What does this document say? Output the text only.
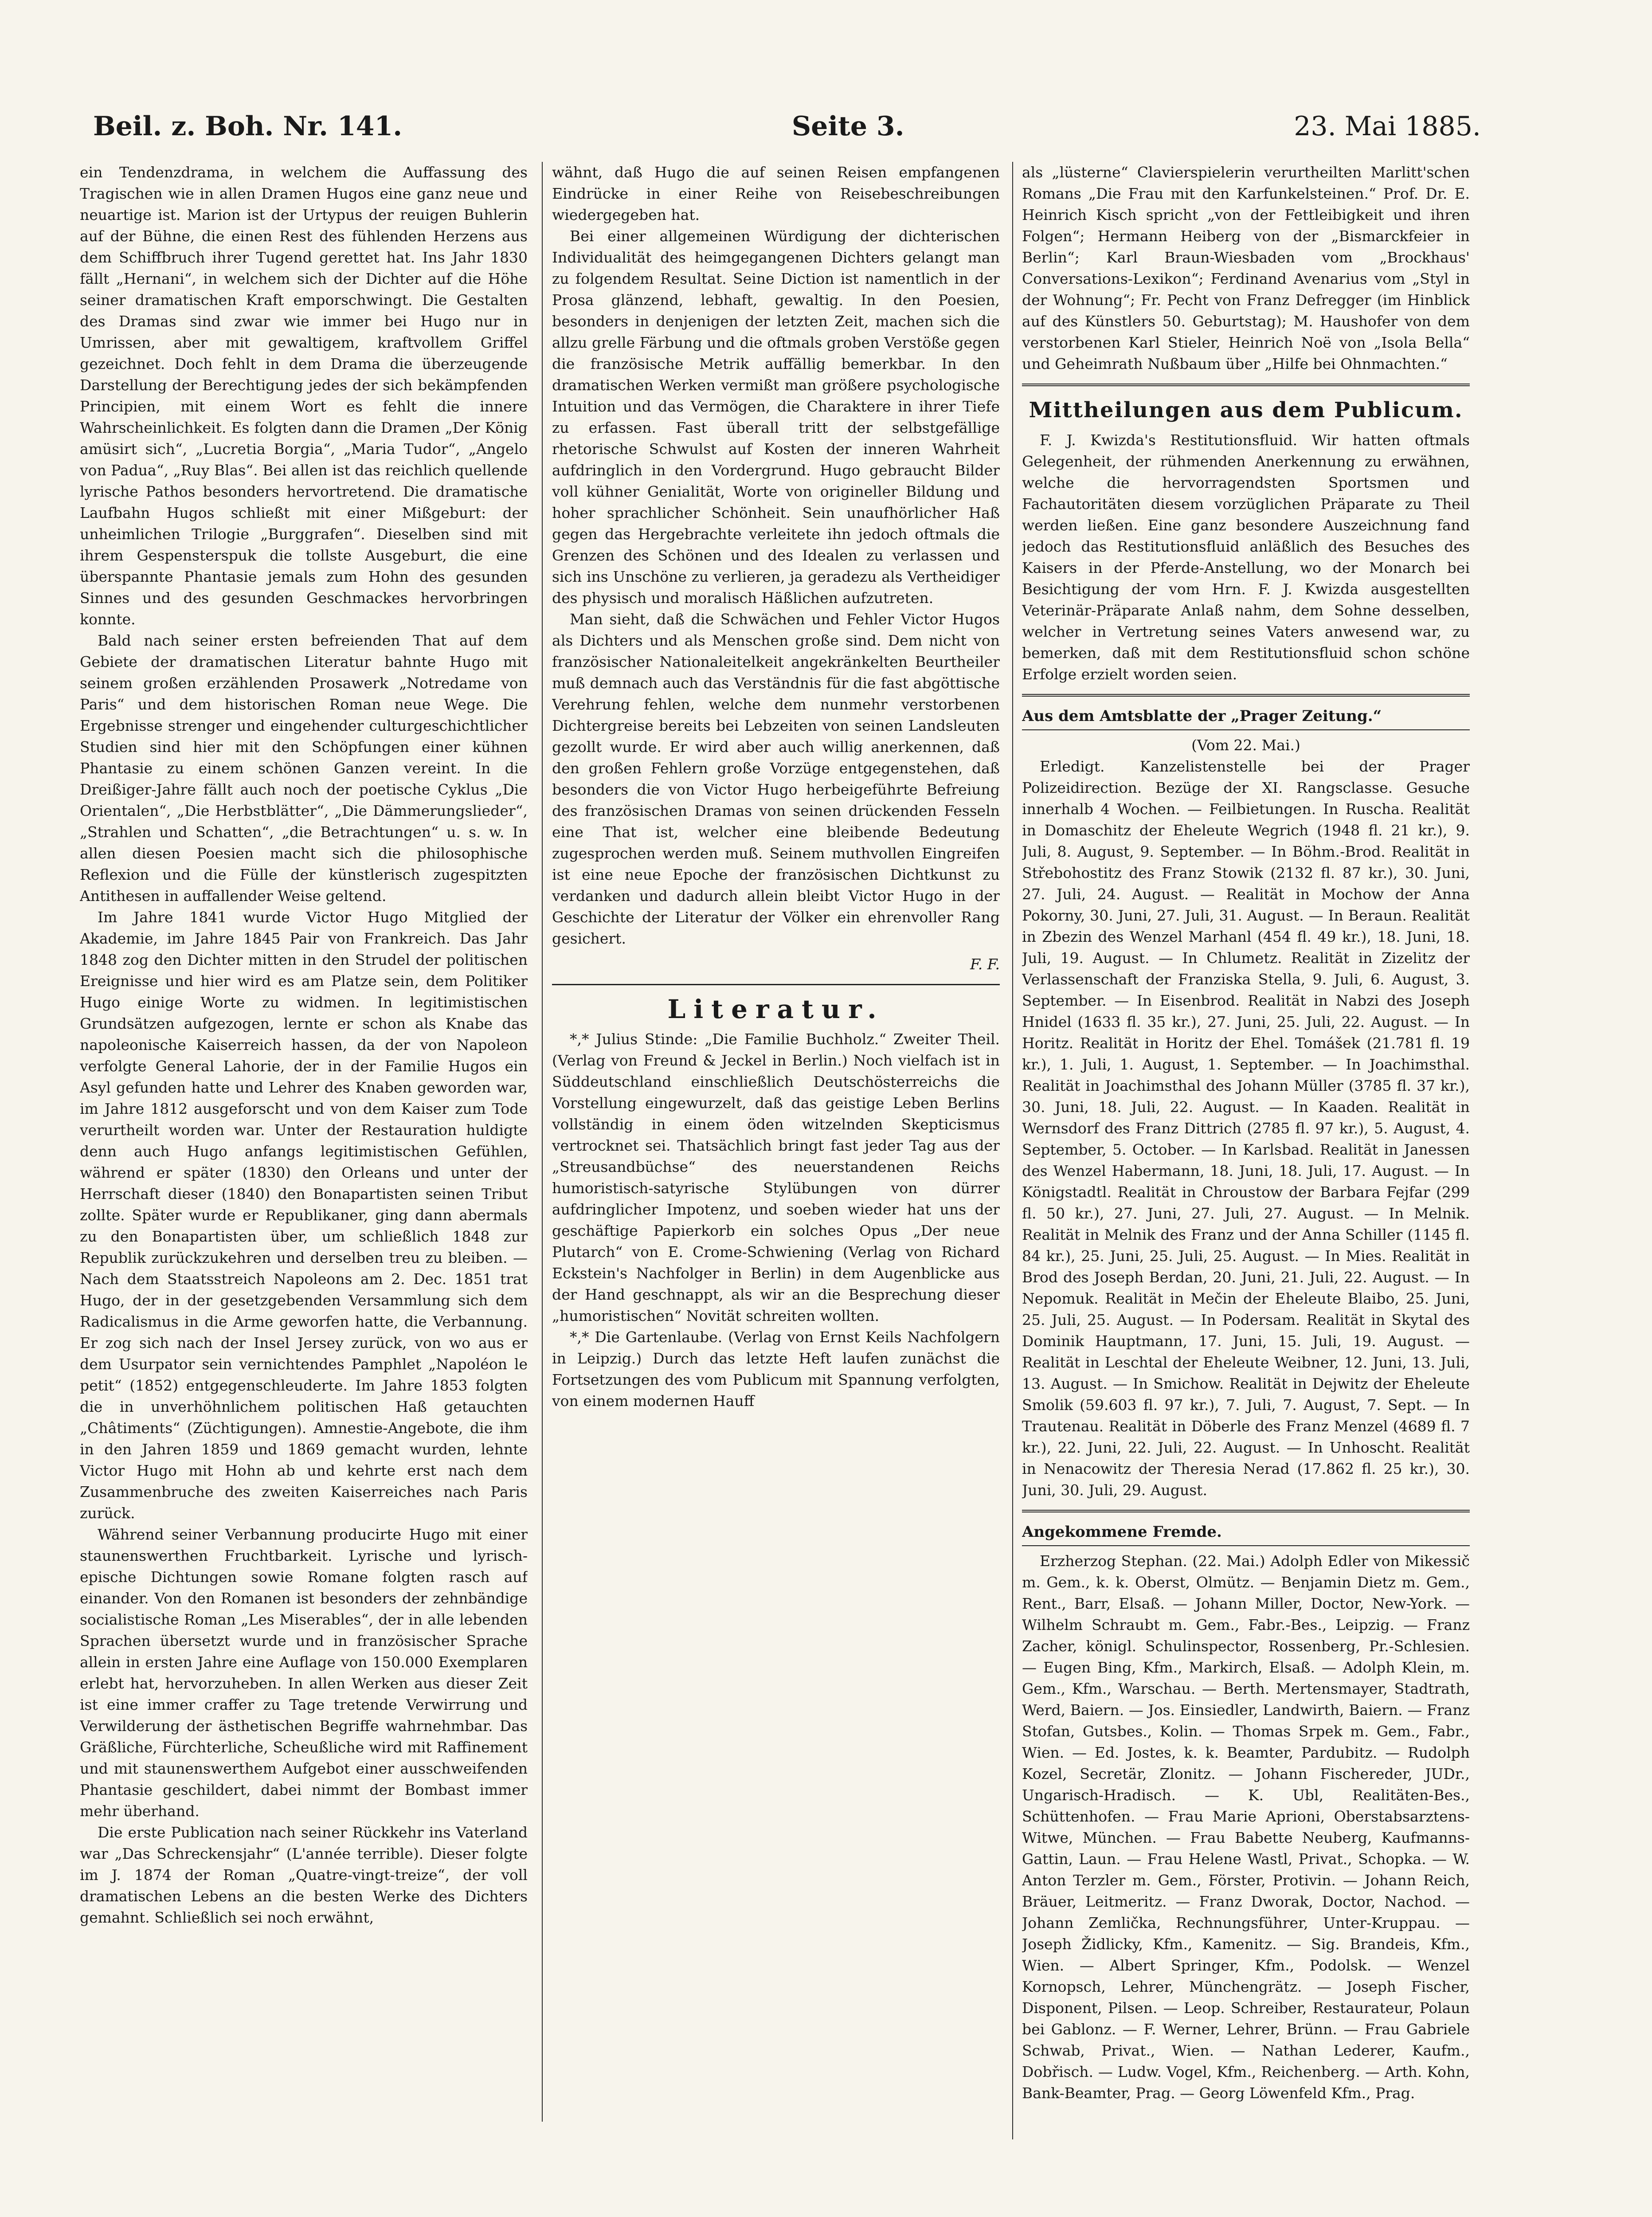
Beil. z. Boh. Nr. 141.	Seite 3.	23. Mai 1885.

ein Tendenzdrama, in welchem die Auffassung des Tragischen wie in allen Dramen Hugos eine ganz neue und neuartige ist. Marion ist der Urtypus der reuigen Buhlerin auf der Bühne, die einen Rest des fühlenden Herzens aus dem Schiffbruch ihrer Tugend gerettet hat. Ins Jahr 1830 fällt „Hernani“, in welchem sich der Dichter auf die Höhe seiner dramatischen Kraft emporschwingt. Die Gestalten des Dramas sind zwar wie immer bei Hugo nur in Umrissen, aber mit gewaltigem, kraftvollem Griffel gezeichnet. Doch fehlt in dem Drama die überzeugende Darstellung der Berechtigung jedes der sich bekämpfenden Principien, mit einem Wort es fehlt die innere Wahrscheinlichkeit. Es folgten dann die Dramen „Der König amüsirt sich“, „Lucretia Borgia“, „Maria Tudor“, „Angelo von Padua“, „Ruy Blas“. Bei allen ist das reichlich quellende lyrische Pathos besonders hervortretend. Die dramatische Laufbahn Hugos schließt mit einer Mißgeburt: der unheimlichen Trilogie „Burggrafen“. Dieselben sind mit ihrem Gespensterspuk die tollste Ausgeburt, die eine überspannte Phantasie jemals zum Hohn des gesunden Sinnes und des gesunden Geschmackes hervorbringen konnte.

Bald nach seiner ersten befreienden That auf dem Gebiete der dramatischen Literatur bahnte Hugo mit seinem großen erzählenden Prosawerk „Notredame von Paris“ und dem historischen Roman neue Wege. Die Ergebnisse strenger und eingehender culturgeschichtlicher Studien sind hier mit den Schöpfungen einer kühnen Phantasie zu einem schönen Ganzen vereint. In die Dreißiger-Jahre fällt auch noch der poetische Cyklus „Die Orientalen“, „Die Herbstblätter“, „Die Dämmerungslieder“, „Strahlen und Schatten“, „die Betrachtungen“ u. s. w. In allen diesen Poesien macht sich die philosophische Reflexion und die Fülle der künstlerisch zugespitzten Antithesen in auffallender Weise geltend.

Im Jahre 1841 wurde Victor Hugo Mitglied der Akademie, im Jahre 1845 Pair von Frankreich. Das Jahr 1848 zog den Dichter mitten in den Strudel der politischen Ereignisse und hier wird es am Platze sein, dem Politiker Hugo einige Worte zu widmen. In legitimistischen Grundsätzen aufgezogen, lernte er schon als Knabe das napoleonische Kaiserreich hassen, da der von Napoleon verfolgte General Lahorie, der in der Familie Hugos ein Asyl gefunden hatte und Lehrer des Knaben geworden war, im Jahre 1812 ausgeforscht und von dem Kaiser zum Tode verurtheilt worden war. Unter der Restauration huldigte denn auch Hugo anfangs legitimistischen Gefühlen, während er später (1830) den Orleans und unter der Herrschaft dieser (1840) den Bonapartisten seinen Tribut zollte. Später wurde er Republikaner, ging dann abermals zu den Bonapartisten über, um schließlich 1848 zur Republik zurückzukehren und derselben treu zu bleiben. — Nach dem Staatsstreich Napoleons am 2. Dec. 1851 trat Hugo, der in der gesetzgebenden Versammlung sich dem Radicalismus in die Arme geworfen hatte, die Verbannung. Er zog sich nach der Insel Jersey zurück, von wo aus er dem Usurpator sein vernichtendes Pamphlet „Napoléon le petit“ (1852) entgegenschleuderte. Im Jahre 1853 folgten die in unverhöhnlichem politischen Haß getauchten „Châtiments“ (Züchtigungen). Amnestie-Angebote, die ihm in den Jahren 1859 und 1869 gemacht wurden, lehnte Victor Hugo mit Hohn ab und kehrte erst nach dem Zusammenbruche des zweiten Kaiserreiches nach Paris zurück.

Während seiner Verbannung producirte Hugo mit einer staunenswerthen Fruchtbarkeit. Lyrische und lyrisch-epische Dichtungen sowie Romane folgten rasch auf einander. Von den Romanen ist besonders der zehnbändige socialistische Roman „Les Miserables“, der in alle lebenden Sprachen übersetzt wurde und in französischer Sprache allein in ersten Jahre eine Auflage von 150.000 Exemplaren erlebt hat, hervorzuheben. In allen Werken aus dieser Zeit ist eine immer craffer zu Tage tretende Verwirrung und Verwilderung der ästhetischen Begriffe wahrnehmbar. Das Gräßliche, Fürchterliche, Scheußliche wird mit Raffinement und mit staunenswerthem Aufgebot einer ausschweifenden Phantasie geschildert, dabei nimmt der Bombast immer mehr überhand.

Die erste Publication nach seiner Rückkehr ins Vaterland war „Das Schreckensjahr“ (L'année terrible). Dieser folgte im J. 1874 der Roman „Quatre-vingt-treize“, der voll dramatischen Lebens an die besten Werke des Dichters gemahnt. Schließlich sei noch erwähnt,

wähnt, daß Hugo die auf seinen Reisen empfangenen Eindrücke in einer Reihe von Reisebeschreibungen wiedergegeben hat.

Bei einer allgemeinen Würdigung der dichterischen Individualität des heimgegangenen Dichters gelangt man zu folgendem Resultat. Seine Diction ist namentlich in der Prosa glänzend, lebhaft, gewaltig. In den Poesien, besonders in denjenigen der letzten Zeit, machen sich die allzu grelle Färbung und die oftmals groben Verstöße gegen die französische Metrik auffällig bemerkbar. In den dramatischen Werken vermißt man größere psychologische Intuition und das Vermögen, die Charaktere in ihrer Tiefe zu erfassen. Fast überall tritt der selbstgefällige rhetorische Schwulst auf Kosten der inneren Wahrheit aufdringlich in den Vordergrund. Hugo gebraucht Bilder voll kühner Genialität, Worte von origineller Bildung und hoher sprachlicher Schönheit. Sein unaufhörlicher Haß gegen das Hergebrachte verleitete ihn jedoch oftmals die Grenzen des Schönen und des Idealen zu verlassen und sich ins Unschöne zu verlieren, ja geradezu als Vertheidiger des physisch und moralisch Häßlichen aufzutreten.

Man sieht, daß die Schwächen und Fehler Victor Hugos als Dichters und als Menschen große sind. Dem nicht von französischer Nationaleitelkeit angekränkelten Beurtheiler muß demnach auch das Verständnis für die fast abgöttische Verehrung fehlen, welche dem nunmehr verstorbenen Dichtergreise bereits bei Lebzeiten von seinen Landsleuten gezollt wurde. Er wird aber auch willig anerkennen, daß den großen Fehlern große Vorzüge entgegenstehen, daß besonders die von Victor Hugo herbeigeführte Befreiung des französischen Dramas von seinen drückenden Fesseln eine That ist, welcher eine bleibende Bedeutung zugesprochen werden muß. Seinem muthvollen Eingreifen ist eine neue Epoche der französischen Dichtkunst zu verdanken und dadurch allein bleibt Victor Hugo in der Geschichte der Literatur der Völker ein ehrenvoller Rang gesichert.

F. F.
Literatur.

*,* Julius Stinde: „Die Familie Buchholz.“ Zweiter Theil. (Verlag von Freund & Jeckel in Berlin.) Noch vielfach ist in Süddeutschland einschließlich Deutschösterreichs die Vorstellung eingewurzelt, daß das geistige Leben Berlins vollständig in einem öden witzelnden Skepticismus vertrocknet sei. Thatsächlich bringt fast jeder Tag aus der „Streusandbüchse“ des neuerstandenen Reichs humoristisch-satyrische Stylübungen von dürrer aufdringlicher Impotenz, und soeben wieder hat uns der geschäftige Papierkorb ein solches Opus „Der neue Plutarch“ von E. Crome-Schwiening (Verlag von Richard Eckstein's Nachfolger in Berlin) in dem Augenblicke aus der Hand geschnappt, als wir an die Besprechung dieser „humoristischen“ Novität schreiten wollten.

*,* Die Gartenlaube. (Verlag von Ernst Keils Nachfolgern in Leipzig.) Durch das letzte Heft laufen zunächst die Fortsetzungen des vom Publicum mit Spannung verfolgten, von einem modernen Hauff

als „lüsterne“ Clavierspielerin verurtheilten Marlitt'schen Romans „Die Frau mit den Karfunkelsteinen.“ Prof. Dr. E. Heinrich Kisch spricht „von der Fettleibigkeit und ihren Folgen“; Hermann Heiberg von der „Bismarckfeier in Berlin“; Karl Braun-Wiesbaden vom „Brockhaus' Conversations-Lexikon“; Ferdinand Avenarius vom „Styl in der Wohnung“; Fr. Pecht von Franz Defregger (im Hinblick auf des Künstlers 50. Geburtstag); M. Haushofer von dem verstorbenen Karl Stieler, Heinrich Noë von „Isola Bella“ und Geheimrath Nußbaum über „Hilfe bei Ohnmachten.“

Mittheilungen aus dem Publicum.

F. J. Kwizda's Restitutionsfluid. Wir hatten oftmals Gelegenheit, der rühmenden Anerkennung zu erwähnen, welche die hervorragendsten Sportsmen und Fachautoritäten diesem vorzüglichen Präparate zu Theil werden ließen. Eine ganz besondere Auszeichnung fand jedoch das Restitutionsfluid anläßlich des Besuches des Kaisers in der Pferde-Anstellung, wo der Monarch bei Besichtigung der vom Hrn. F. J. Kwizda ausgestellten Veterinär-Präparate Anlaß nahm, dem Sohne desselben, welcher in Vertretung seines Vaters anwesend war, zu bemerken, daß mit dem Restitutionsfluid schon schöne Erfolge erzielt worden seien.

Aus dem Amtsblatte der „Prager Zeitung.“
(Vom 22. Mai.)

Erledigt. Kanzelistenstelle bei der Prager Polizeidirection. Bezüge der XI. Rangsclasse. Gesuche innerhalb 4 Wochen. — Feilbietungen. In Ruscha. Realität in Domaschitz der Eheleute Wegrich (1948 fl. 21 kr.), 9. Juli, 8. August, 9. September. — In Böhm.-Brod. Realität in Střebohostitz des Franz Stowik (2132 fl. 87 kr.), 30. Juni, 27. Juli, 24. August. — Realität in Mochow der Anna Pokorny, 30. Juni, 27. Juli, 31. August. — In Beraun. Realität in Zbezin des Wenzel Marhanl (454 fl. 49 kr.), 18. Juni, 18. Juli, 19. August. — In Chlumetz. Realität in Zizelitz der Verlassenschaft der Franziska Stella, 9. Juli, 6. August, 3. September. — In Eisenbrod. Realität in Nabzi des Joseph Hnidel (1633 fl. 35 kr.), 27. Juni, 25. Juli, 22. August. — In Horitz. Realität in Horitz der Ehel. Tomášek (21.781 fl. 19 kr.), 1. Juli, 1. August, 1. September. — In Joachimsthal. Realität in Joachimsthal des Johann Müller (3785 fl. 37 kr.), 30. Juni, 18. Juli, 22. August. — In Kaaden. Realität in Wernsdorf des Franz Dittrich (2785 fl. 97 kr.), 5. August, 4. September, 5. October. — In Karlsbad. Realität in Janessen des Wenzel Habermann, 18. Juni, 18. Juli, 17. August. — In Königstadtl. Realität in Chroustow der Barbara Fejfar (299 fl. 50 kr.), 27. Juni, 27. Juli, 27. August. — In Melnik. Realität in Melnik des Franz und der Anna Schiller (1145 fl. 84 kr.), 25. Juni, 25. Juli, 25. August. — In Mies. Realität in Brod des Joseph Berdan, 20. Juni, 21. Juli, 22. August. — In Nepomuk. Realität in Mečin der Eheleute Blaibo, 25. Juni, 25. Juli, 25. August. — In Podersam. Realität in Skytal des Dominik Hauptmann, 17. Juni, 15. Juli, 19. August. — Realität in Leschtal der Eheleute Weibner, 12. Juni, 13. Juli, 13. August. — In Smichow. Realität in Dejwitz der Eheleute Smolik (59.603 fl. 97 kr.), 7. Juli, 7. August, 7. Sept. — In Trautenau. Realität in Döberle des Franz Menzel (4689 fl. 7 kr.), 22. Juni, 22. Juli, 22. August. — In Unhoscht. Realität in Nenacowitz der Theresia Nerad (17.862 fl. 25 kr.), 30. Juni, 30. Juli, 29. August.

Angekommene Fremde.

Erzherzog Stephan. (22. Mai.) Adolph Edler von Mikessič m. Gem., k. k. Oberst, Olmütz. — Benjamin Dietz m. Gem., Rent., Barr, Elsaß. — Johann Miller, Doctor, New-York. — Wilhelm Schraubt m. Gem., Fabr.-Bes., Leipzig. — Franz Zacher, königl. Schulinspector, Rossenberg, Pr.-Schlesien. — Eugen Bing, Kfm., Markirch, Elsaß. — Adolph Klein, m. Gem., Kfm., Warschau. — Berth. Mertensmayer, Stadtrath, Werd, Baiern. — Jos. Einsiedler, Landwirth, Baiern. — Franz Stofan, Gutsbes., Kolin. — Thomas Srpek m. Gem., Fabr., Wien. — Ed. Jostes, k. k. Beamter, Pardubitz. — Rudolph Kozel, Secretär, Zlonitz. — Johann Fischereder, JUDr., Ungarisch-Hradisch. — K. Ubl, Realitäten-Bes., Schüttenhofen. — Frau Marie Aprioni, Oberstabsarztens-Witwe, München. — Frau Babette Neuberg, Kaufmanns-Gattin, Laun. — Frau Helene Wastl, Privat., Schopka. — W. Anton Terzler m. Gem., Förster, Protivin. — Johann Reich, Bräuer, Leitmeritz. — Franz Dworak, Doctor, Nachod. — Johann Zemlička, Rechnungsführer, Unter-Kruppau. — Joseph Židlicky, Kfm., Kamenitz. — Sig. Brandeis, Kfm., Wien. — Albert Springer, Kfm., Podolsk. — Wenzel Kornopsch, Lehrer, Münchengrätz. — Joseph Fischer, Disponent, Pilsen. — Leop. Schreiber, Restaurateur, Polaun bei Gablonz. — F. Werner, Lehrer, Brünn. — Frau Gabriele Schwab, Privat., Wien. — Nathan Lederer, Kaufm., Dobřisch. — Ludw. Vogel, Kfm., Reichenberg. — Arth. Kohn, Bank-Beamter, Prag. — Georg Löwenfeld Kfm., Prag.
